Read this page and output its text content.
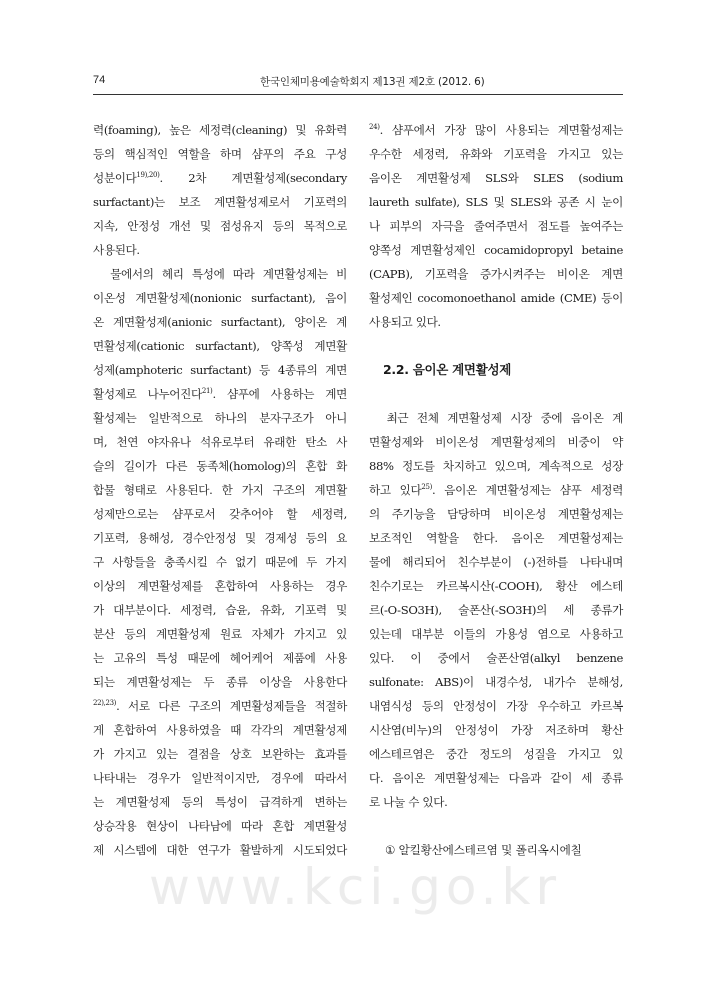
74	한국인체미용예술학회지 제13권 제2호 (2012. 6)
력(foaming), 높은 세정력(cleaning) 및 유화력
등의 핵심적인 역할을 하며 샴푸의 주요 구성
성분이다$^{19),20)}$. 2차 계면활성제(secondary
surfactant)는 보조 계면활성제로서 기포력의
지속, 안정성 개선 및 점성유지 등의 목적으로
사용된다.
　물에서의 헤리 특성에 따라 계면활성제는 비
이온성 계면활성제(nonionic surfactant), 음이
온 계면활성제(anionic surfactant), 양이온 계
면활성제(cationic surfactant), 양쪽성 계면활
성제(amphoteric surfactant) 등 4종류의 계면
활성제로 나누어진다$^{21)}$. 샴푸에 사용하는 계면
활성제는 일반적으로 하나의 분자구조가 아니
며, 천연 야자유나 석유로부터 유래한 탄소 사
슬의 길이가 다른 동족체(homolog)의 혼합 화
합물 형태로 사용된다. 한 가지 구조의 계면활
성제만으로는 샴푸로서 갖추어야 할 세정력,
기포력, 용해성, 경수안정성 및 경제성 등의 요
구 사항들을 충족시킬 수 없기 때문에 두 가지
이상의 계면활성제를 혼합하여 사용하는 경우
가 대부분이다. 세정력, 습윤, 유화, 기포력 및
분산 등의 계면활성제 원료 자체가 가지고 있
는 고유의 특성 때문에 헤어케어 제품에 사용
되는 계면활성제는 두 종류 이상을 사용한다
$^{22),23)}$. 서로 다른 구조의 계면활성제들을 적절하
게 혼합하여 사용하였을 때 각각의 계면활성제
가 가지고 있는 결점을 상호 보완하는 효과를
나타내는 경우가 일반적이지만, 경우에 따라서
는 계면활성제 등의 특성이 급격하게 변하는
상승작용 현상이 나타남에 따라 혼합 계면활성
제 시스템에 대한 연구가 활발하게 시도되었다
$^{24)}$. 샴푸에서 가장 많이 사용되는 계면활성제는
우수한 세정력, 유화와 기포력을 가지고 있는
음이온 계면활성제 SLS와 SLES (sodium
laureth sulfate), SLS 및 SLES와 공존 시 눈이
나 피부의 자극을 줄여주면서 점도를 높여주는
양쪽성 계면활성제인 cocamidopropyl betaine
(CAPB), 기포력을 증가시켜주는 비이온 계면
활성제인 cocomonoethanol amide (CME) 등이
사용되고 있다.
2.2. 음이온 계면활성제
　최근 전체 계면활성제 시장 중에 음이온 계
면활성제와 비이온성 계면활성제의 비중이 약
88% 정도를 차지하고 있으며, 계속적으로 성장
하고 있다$^{25)}$. 음이온 계면활성제는 샴푸 세정력
의 주기능을 담당하며 비이온성 계면활성제는
보조적인 역할을 한다. 음이온 계면활성제는
물에 해리되어 친수부분이 (-)전하를 나타내며
친수기로는 카르복시산(-COOH), 황산 에스테
르(-O-SO3H), 술폰산(-SO3H)의 세 종류가
있는데 대부분 이들의 가용성 염으로 사용하고
있다. 이 중에서 술폰산염(alkyl benzene
sulfonate: ABS)이 내경수성, 내가수 분해성,
내염식성 등의 안정성이 가장 우수하고 카르복
시산염(비누)의 안정성이 가장 저조하며 황산
에스테르염은 중간 정도의 성질을 가지고 있
다. 음이온 계면활성제는 다음과 같이 세 종류
로 나눌 수 있다.
① 알킬황산에스테르염 및 폴리옥시에칠
www.kci.go.kr
